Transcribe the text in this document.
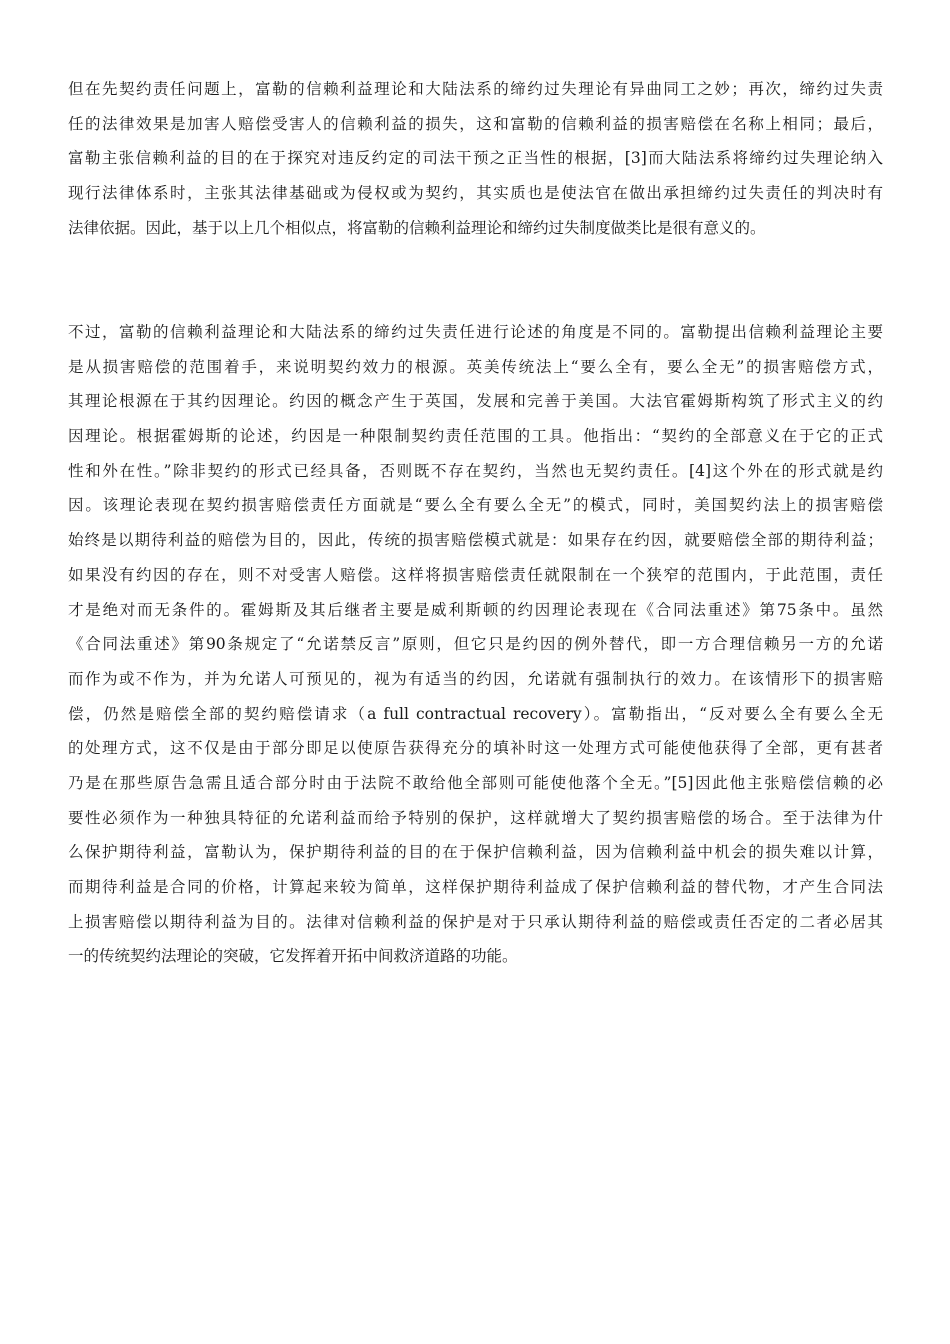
但在先契约责任问题上，富勒的信赖利益理论和大陆法系的缔约过失理论有异曲同工之妙；再次，缔约过失责
任的法律效果是加害人赔偿受害人的信赖利益的损失，这和富勒的信赖利益的损害赔偿在名称上相同；最后，
富勒主张信赖利益的目的在于探究对违反约定的司法干预之正当性的根据，[3]而大陆法系将缔约过失理论纳入
现行法律体系时，主张其法律基础或为侵权或为契约，其实质也是使法官在做出承担缔约过失责任的判决时有
法律依据。因此，基于以上几个相似点，将富勒的信赖利益理论和缔约过失制度做类比是很有意义的。
不过，富勒的信赖利益理论和大陆法系的缔约过失责任进行论述的角度是不同的。富勒提出信赖利益理论主要
是从损害赔偿的范围着手，来说明契约效力的根源。英美传统法上“要么全有，要么全无”的损害赔偿方式，
其理论根源在于其约因理论。约因的概念产生于英国，发展和完善于美国。大法官霍姆斯构筑了形式主义的约
因理论。根据霍姆斯的论述，约因是一种限制契约责任范围的工具。他指出：“契约的全部意义在于它的正式
性和外在性。”除非契约的形式已经具备，否则既不存在契约，当然也无契约责任。[4]这个外在的形式就是约
因。该理论表现在契约损害赔偿责任方面就是“要么全有要么全无”的模式，同时，美国契约法上的损害赔偿
始终是以期待利益的赔偿为目的，因此，传统的损害赔偿模式就是：如果存在约因，就要赔偿全部的期待利益；
如果没有约因的存在，则不对受害人赔偿。这样将损害赔偿责任就限制在一个狭窄的范围内，于此范围，责任
才是绝对而无条件的。霍姆斯及其后继者主要是威利斯顿的约因理论表现在《合同法重述》第75条中。虽然
《合同法重述》第90条规定了“允诺禁反言”原则，但它只是约因的例外替代，即一方合理信赖另一方的允诺
而作为或不作为，并为允诺人可预见的，视为有适当的约因，允诺就有强制执行的效力。在该情形下的损害赔
偿，仍然是赔偿全部的契约赔偿请求（a full contractual recovery）。富勒指出，“反对要么全有要么全无
的处理方式，这不仅是由于部分即足以使原告获得充分的填补时这一处理方式可能使他获得了全部，更有甚者
乃是在那些原告急需且适合部分时由于法院不敢给他全部则可能使他落个全无。”[5]因此他主张赔偿信赖的必
要性必须作为一种独具特征的允诺利益而给予特别的保护，这样就增大了契约损害赔偿的场合。至于法律为什
么保护期待利益，富勒认为，保护期待利益的目的在于保护信赖利益，因为信赖利益中机会的损失难以计算，
而期待利益是合同的价格，计算起来较为简单，这样保护期待利益成了保护信赖利益的替代物，才产生合同法
上损害赔偿以期待利益为目的。法律对信赖利益的保护是对于只承认期待利益的赔偿或责任否定的二者必居其
一的传统契约法理论的突破，它发挥着开拓中间救济道路的功能。
